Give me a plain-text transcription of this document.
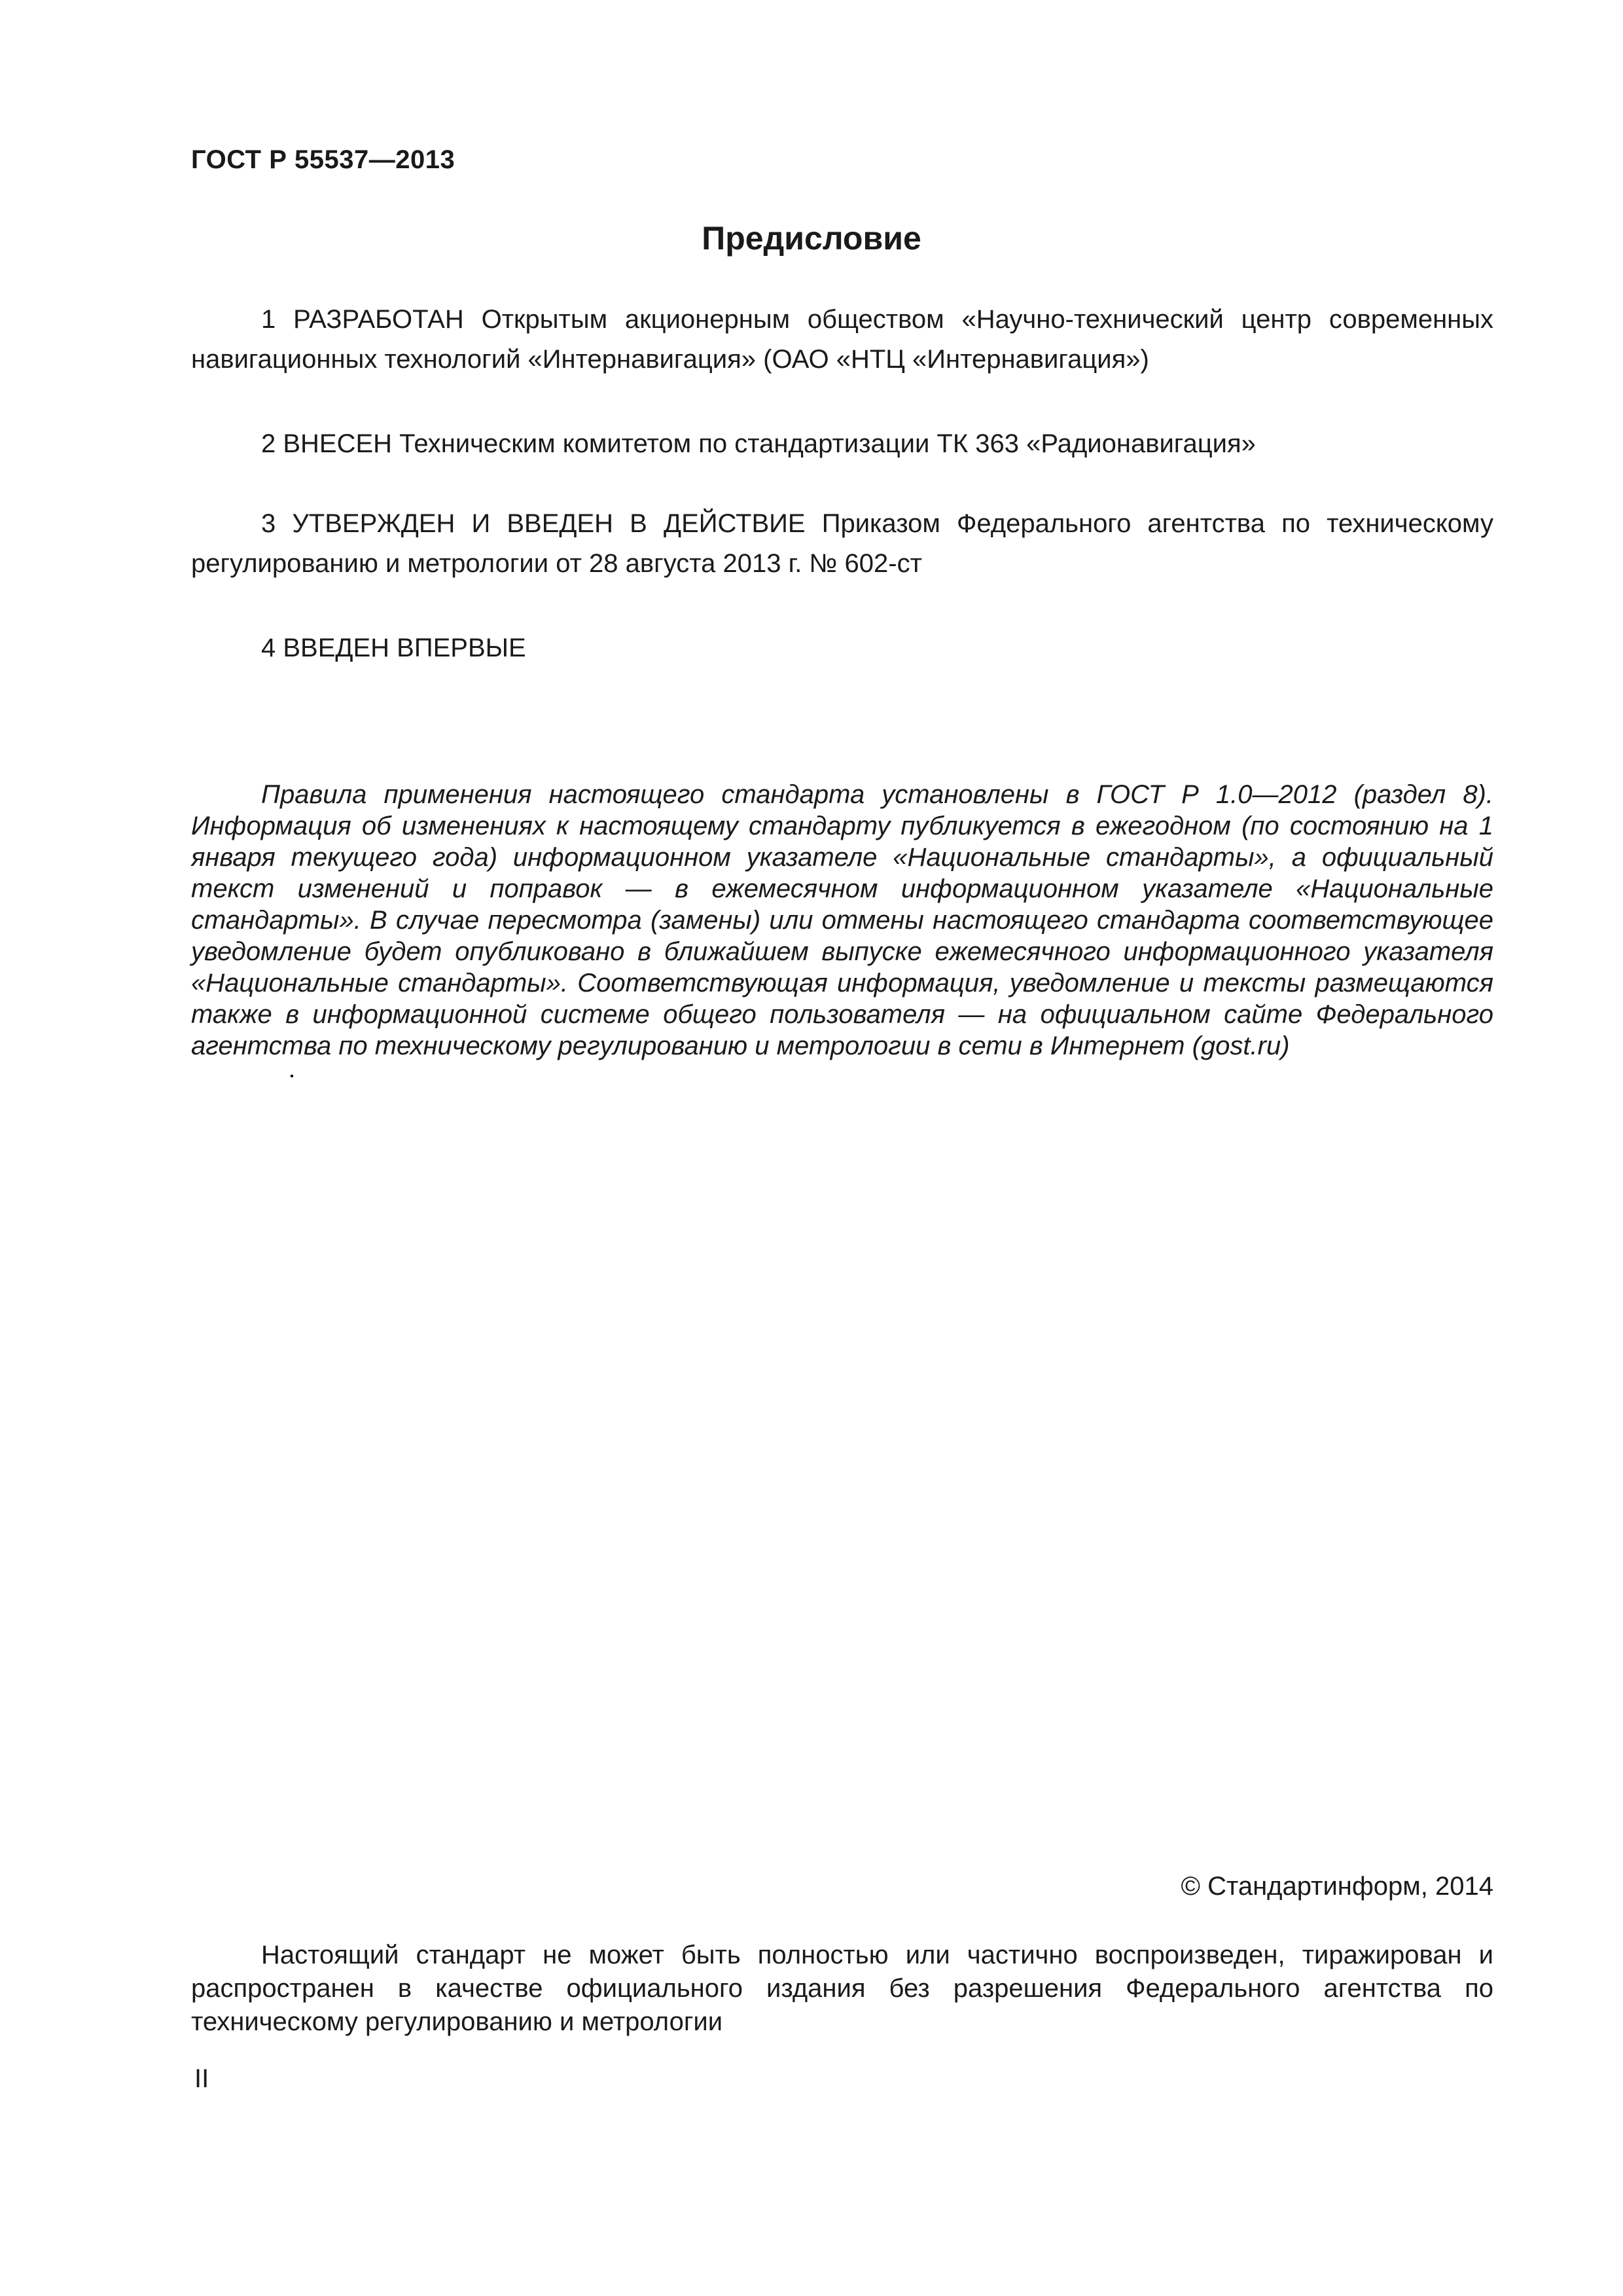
ГОСТ Р 55537—2013
Предисловие

1 РАЗРАБОТАН Открытым акционерным обществом «Научно-технический центр современных навигационных технологий «Интернавигация» (ОАО «НТЦ «Интернавигация»)

2 ВНЕСЕН Техническим комитетом по стандартизации ТК 363 «Радионавигация»

3 УТВЕРЖДЕН И ВВЕДЕН В ДЕЙСТВИЕ Приказом Федерального агентства по техническому регулированию и метрологии от 28 августа 2013 г. № 602-ст

4 ВВЕДЕН ВПЕРВЫЕ

Правила применения настоящего стандарта установлены в ГОСТ Р 1.0—2012 (раздел 8). Информация об изменениях к настоящему стандарту публикуется в ежегодном (по состоянию на 1 января текущего года) информационном указателе «Национальные стандарты», а официальный текст изменений и поправок — в ежемесячном информационном указателе «Национальные стандарты». В случае пересмотра (замены) или отмены настоящего стандарта соответствующее уведомление будет опубликовано в ближайшем выпуске ежемесячного информационного указателя «Национальные стандарты». Соответствующая информация, уведомление и тексты размещаются также в информационной системе общего пользователя — на официальном сайте Федерального агентства по техническому регулированию и метрологии в сети в Интернет (gost.ru)

© Стандартинформ, 2014

Настоящий стандарт не может быть полностью или частично воспроизведен, тиражирован и распространен в качестве официального издания без разрешения Федерального агентства по техническому регулированию и метрологии

II
